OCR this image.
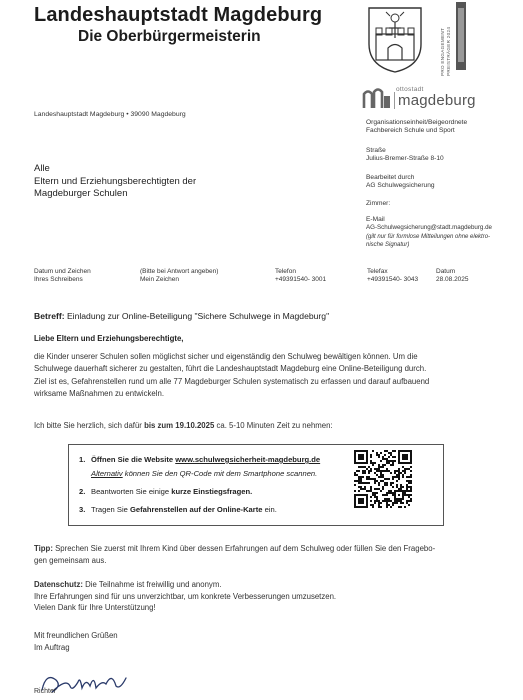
Landeshauptstadt Magdeburg
Die Oberbürgermeisterin	PRO ENGAGEMENT PREISTRÄGER 2024
ottostadt
magdeburg
Landeshauptstadt Magdeburg • 39090 Magdeburg
Organisationseinheit/Beigeordnete
Fachbereich Schule und Sport
Straße
Julius-Bremer-Straße 8-10
Bearbeitet durch
AG Schulwegsicherung
Zimmer:
E-Mail
AG-Schulwegsicherung@stadt.magdeburg.de
(gilt nur für formlose Mitteilungen ohne elektro-
nische Signatur)
Alle
Eltern und Erziehungsberechtigten der
Magdeburger Schulen
Datum und Zeichen
Ihres Schreibens
(Bitte bei Antwort angeben)
Mein Zeichen
Telefon
+49391540- 3001
Telefax
+49391540- 3043
Datum
28.08.2025
Betreff: Einladung zur Online-Beteiligung "Sichere Schulwege in Magdeburg"
Liebe Eltern und Erziehungsberechtigte,
die Kinder unserer Schulen sollen möglichst sicher und eigenständig den Schulweg bewältigen können. Um die
Schulwege dauerhaft sicherer zu gestalten, führt die Landeshauptstadt Magdeburg eine Online-Beteiligung durch.
Ziel ist es, Gefahrenstellen rund um alle 77 Magdeburger Schulen systematisch zu erfassen und darauf aufbauend
wirksame Maßnahmen zu entwickeln.
Ich bitte Sie herzlich, sich dafür bis zum 19.10.2025 ca. 5-10 Minuten Zeit zu nehmen:
1. Öffnen Sie die Website www.schulwegsicherheit-magdeburg.de
Alternativ können Sie den QR-Code mit dem Smartphone scannen.
2. Beantworten Sie einige kurze Einstiegsfragen.
3. Tragen Sie Gefahrenstellen auf der Online-Karte ein.
Tipp: Sprechen Sie zuerst mit Ihrem Kind über dessen Erfahrungen auf dem Schulweg oder füllen Sie den Fragebo-
gen gemeinsam aus.
Datenschutz: Die Teilnahme ist freiwillig und anonym.
Ihre Erfahrungen sind für uns unverzichtbar, um konkrete Verbesserungen umzusetzen.
Vielen Dank für Ihre Unterstützung!
Mit freundlichen Grüßen
Im Auftrag
Richter
